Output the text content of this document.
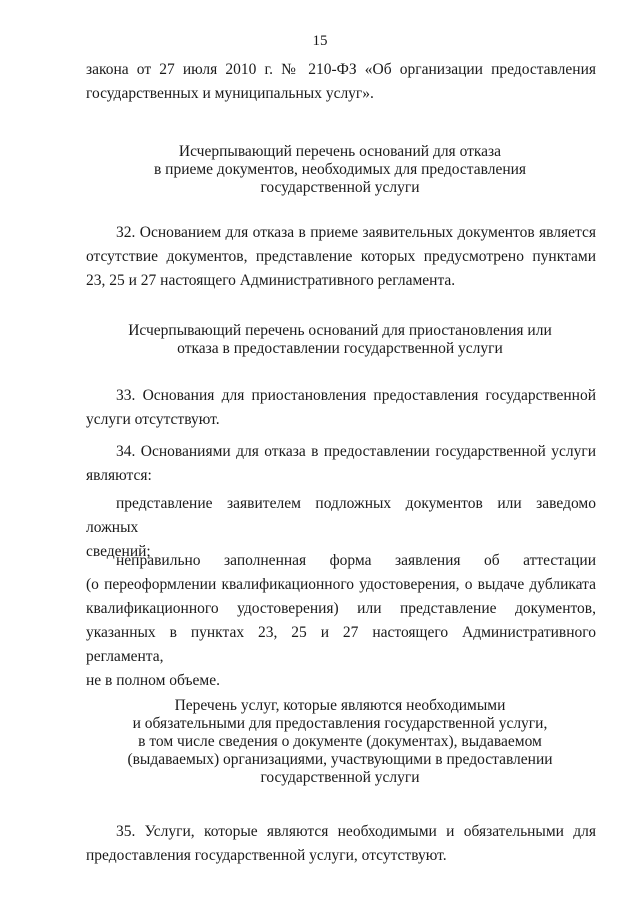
15
закона от 27 июля 2010 г. № 210-ФЗ «Об организации предоставления
государственных и муниципальных услуг».
Исчерпывающий перечень оснований для отказа
в приеме документов, необходимых для предоставления
государственной услуги
32. Основанием для отказа в приеме заявительных документов является
отсутствие документов, представление которых предусмотрено пунктами
23, 25 и 27 настоящего Административного регламента.
Исчерпывающий перечень оснований для приостановления или
отказа в предоставлении государственной услуги
33. Основания для приостановления предоставления государственной
услуги отсутствуют.
34. Основаниями для отказа в предоставлении государственной услуги
являются:
представление заявителем подложных документов или заведомо ложных
сведений;
неправильно заполненная форма заявления об аттестации
(о переоформлении квалификационного удостоверения, о выдаче дубликата
квалификационного удостоверения) или представление документов,
указанных в пунктах 23, 25 и 27 настоящего Административного регламента,
не в полном объеме.
Перечень услуг, которые являются необходимыми
и обязательными для предоставления государственной услуги,
в том числе сведения о документе (документах), выдаваемом
(выдаваемых) организациями, участвующими в предоставлении
государственной услуги
35. Услуги, которые являются необходимыми и обязательными для
предоставления государственной услуги, отсутствуют.
